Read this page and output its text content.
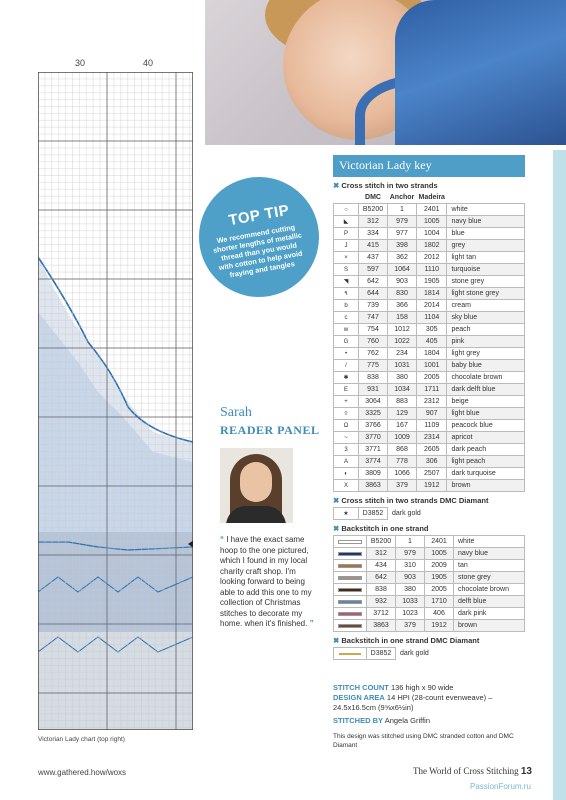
30	40
Victorian Lady chart (top right)
TOP TIP
We recommend cutting shorter lengths of metallic thread than you would with cotton to help avoid fraying and tangles

Sarah

READER PANEL

“ I have the exact same hoop to the one pictured, which I found in my local charity craft shop. I'm looking forward to being able to add this one to my collection of Christmas stitches to decorate my home. when it's finished. ”
Victorian Lady key
✖ Cross stitch in two strands
	DMC	Anchor	Madeira	
○	B5200	1	2401	white
◣	312	979	1005	navy blue
P	334	977	1004	blue
J	415	398	1802	grey
×	437	362	2012	light tan
S	597	1064	1110	turquoise
◥	642	903	1905	stone grey
٩	644	830	1814	light stone grey
b	739	366	2014	cream
c	747	158	1104	sky blue
w	754	1012	305	peach
G	760	1022	405	pink
•	762	234	1804	light grey
/	775	1031	1001	baby blue
✱	838	380	2005	chocolate brown
E	931	1034	1711	dark delft blue
+	3064	883	2312	beige
◊	3325	129	907	light blue
Ω	3766	167	1109	peacock blue
~	3770	1009	2314	apricot
3	3771	868	2605	dark peach
A	3774	778	306	light peach
◐	3809	1066	2507	dark turquoise
X	3863	379	1912	brown
✖ Cross stitch in two strands DMC Diamant
★	D3852	dark gold
✖ Backstitch in one strand
	B5200	1	2401	white

	312	979	1005	navy blue

	434	310	2009	tan

	642	903	1905	stone grey

	838	380	2005	chocolate brown

	932	1033	1710	delft blue

	3712	1023	406	dark pink

	3863	379	1912	brown
✖ Backstitch in one strand DMC Diamant
	D3852	dark gold
STITCH COUNT 136 high x 90 wide
DESIGN AREA 14 HPI (28-count evenweave) – 24.5x16.5cm (9⅝x6½in)
STITCHED BY Angela Griffin
This design was stitched using DMC stranded cotton and DMC Diamant
www.gathered.how/woxs	The World of Cross Stitching 13
PassionForum.ru
